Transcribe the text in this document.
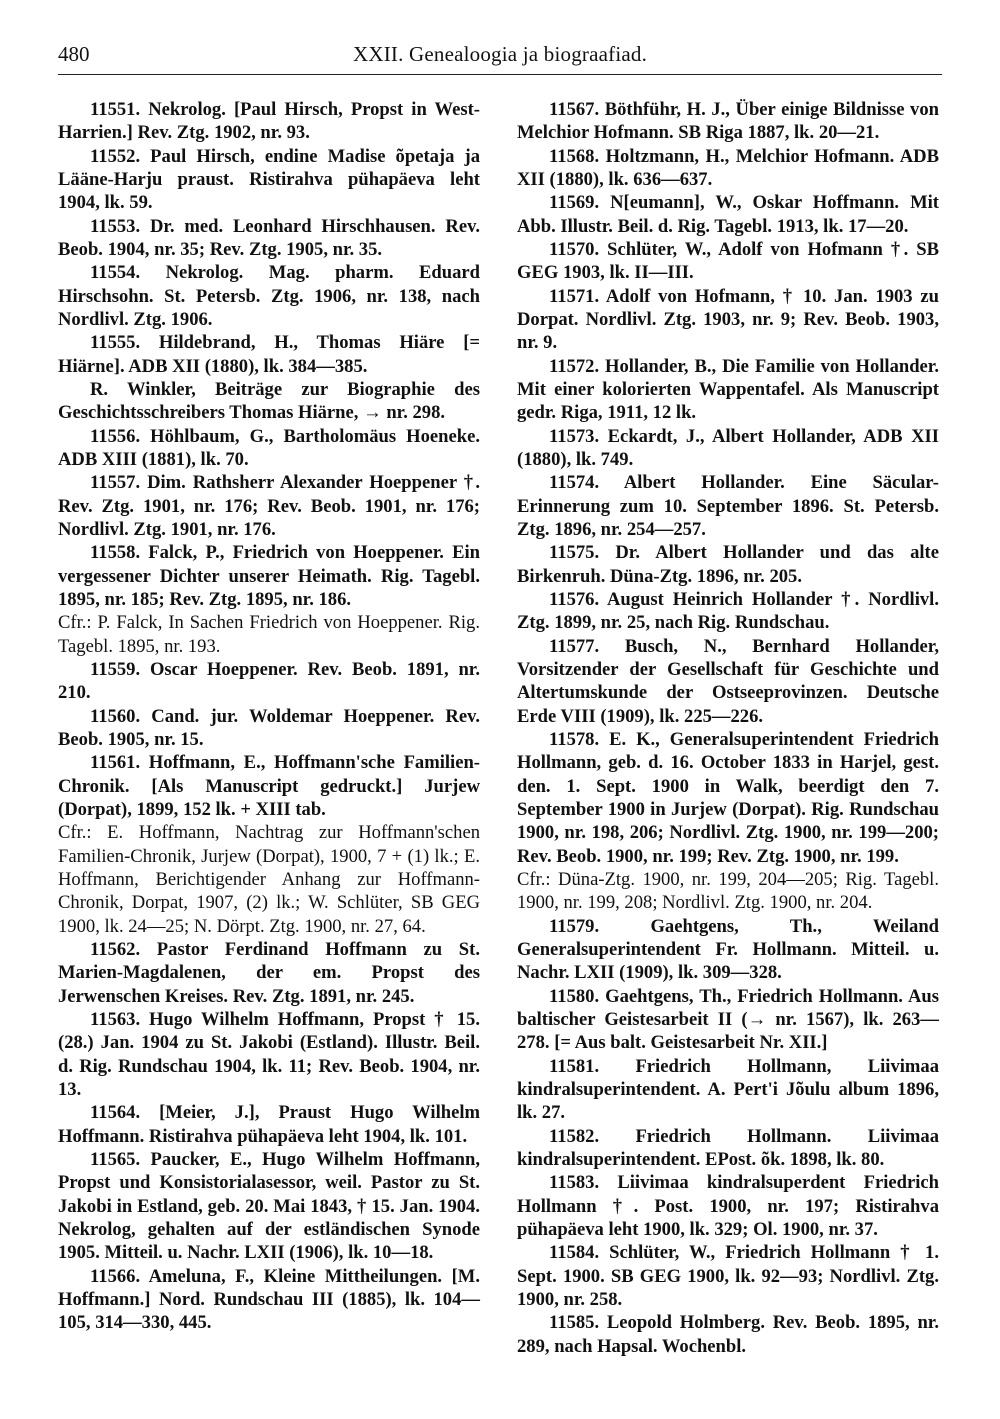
480	XXII. Genealoogia ja biograafiad.

11551. Nekrolog. [Paul Hirsch, Propst in West-Harrien.] Rev. Ztg. 1902, nr. 93.

11552. Paul Hirsch, endine Madise õpetaja ja Lääne-Harju praust. Ristirahva pühapäeva leht 1904, lk. 59.

11553. Dr. med. Leonhard Hirschhausen. Rev. Beob. 1904, nr. 35; Rev. Ztg. 1905, nr. 35.

11554. Nekrolog. Mag. pharm. Eduard Hirschsohn. St. Petersb. Ztg. 1906, nr. 138, nach Nordlivl. Ztg. 1906.

11555. Hildebrand, H., Thomas Hiäre [= Hiärne]. ADB XII (1880), lk. 384—385.

R. Winkler, Beiträge zur Biographie des Geschichtsschreibers Thomas Hiärne, → nr. 298.

11556. Höhlbaum, G., Bartholomäus Hoeneke. ADB XIII (1881), lk. 70.

11557. Dim. Rathsherr Alexander Hoeppener †. Rev. Ztg. 1901, nr. 176; Rev. Beob. 1901, nr. 176; Nordlivl. Ztg. 1901, nr. 176.

11558. Falck, P., Friedrich von Hoeppener. Ein vergessener Dichter unserer Heimath. Rig. Tagebl. 1895, nr. 185; Rev. Ztg. 1895, nr. 186.

Cfr.: P. Falck, In Sachen Friedrich von Hoeppener. Rig. Tagebl. 1895, nr. 193.

11559. Oscar Hoeppener. Rev. Beob. 1891, nr. 210.

11560. Cand. jur. Woldemar Hoeppener. Rev. Beob. 1905, nr. 15.

11561. Hoffmann, E., Hoffmann'sche Familien-Chronik. [Als Manuscript gedruckt.] Jurjew (Dorpat), 1899, 152 lk. + XIII tab.

Cfr.: E. Hoffmann, Nachtrag zur Hoffmann'schen Familien-Chronik, Jurjew (Dorpat), 1900, 7 + (1) lk.; E. Hoffmann, Berichtigender Anhang zur Hoffmann-Chronik, Dorpat, 1907, (2) lk.; W. Schlüter, SB GEG 1900, lk. 24—25; N. Dörpt. Ztg. 1900, nr. 27, 64.

11562. Pastor Ferdinand Hoffmann zu St. Marien-Magdalenen, der em. Propst des Jerwenschen Kreises. Rev. Ztg. 1891, nr. 245.

11563. Hugo Wilhelm Hoffmann, Propst † 15. (28.) Jan. 1904 zu St. Jakobi (Estland). Illustr. Beil. d. Rig. Rundschau 1904, lk. 11; Rev. Beob. 1904, nr. 13.

11564. [Meier, J.], Praust Hugo Wilhelm Hoffmann. Ristirahva pühapäeva leht 1904, lk. 101.

11565. Paucker, E., Hugo Wilhelm Hoffmann, Propst und Konsistorialasessor, weil. Pastor zu St. Jakobi in Estland, geb. 20. Mai 1843, † 15. Jan. 1904. Nekrolog, gehalten auf der estländischen Synode 1905. Mitteil. u. Nachr. LXII (1906), lk. 10—18.

11566. Ameluna, F., Kleine Mittheilungen. [M. Hoffmann.] Nord. Rundschau III (1885), lk. 104—105, 314—330, 445.

11567. Böthführ, H. J., Über einige Bildnisse von Melchior Hofmann. SB Riga 1887, lk. 20—21.

11568. Holtzmann, H., Melchior Hofmann. ADB XII (1880), lk. 636—637.

11569. N[eumann], W., Oskar Hoffmann. Mit Abb. Illustr. Beil. d. Rig. Tagebl. 1913, lk. 17—20.

11570. Schlüter, W., Adolf von Hofmann †. SB GEG 1903, lk. II—III.

11571. Adolf von Hofmann, † 10. Jan. 1903 zu Dorpat. Nordlivl. Ztg. 1903, nr. 9; Rev. Beob. 1903, nr. 9.

11572. Hollander, B., Die Familie von Hollander. Mit einer kolorierten Wappentafel. Als Manuscript gedr. Riga, 1911, 12 lk.

11573. Eckardt, J., Albert Hollander, ADB XII (1880), lk. 749.

11574. Albert Hollander. Eine Säcular-Erinnerung zum 10. September 1896. St. Petersb. Ztg. 1896, nr. 254—257.

11575. Dr. Albert Hollander und das alte Birkenruh. Düna-Ztg. 1896, nr. 205.

11576. August Heinrich Hollander †. Nordlivl. Ztg. 1899, nr. 25, nach Rig. Rundschau.

11577. Busch, N., Bernhard Hollander, Vorsitzender der Gesellschaft für Geschichte und Altertumskunde der Ostseeprovinzen. Deutsche Erde VIII (1909), lk. 225—226.

11578. E. K., Generalsuperintendent Friedrich Hollmann, geb. d. 16. October 1833 in Harjel, gest. den. 1. Sept. 1900 in Walk, beerdigt den 7. September 1900 in Jurjew (Dorpat). Rig. Rundschau 1900, nr. 198, 206; Nordlivl. Ztg. 1900, nr. 199—200; Rev. Beob. 1900, nr. 199; Rev. Ztg. 1900, nr. 199.

Cfr.: Düna-Ztg. 1900, nr. 199, 204—205; Rig. Tagebl. 1900, nr. 199, 208; Nordlivl. Ztg. 1900, nr. 204.

11579. Gaehtgens, Th., Weiland Generalsuperintendent Fr. Hollmann. Mitteil. u. Nachr. LXII (1909), lk. 309—328.

11580. Gaehtgens, Th., Friedrich Hollmann. Aus baltischer Geistesarbeit II (→ nr. 1567), lk. 263—278. [= Aus balt. Geistesarbeit Nr. XII.]

11581. Friedrich Hollmann, Liivimaa kindralsuperintendent. A. Pert'i Jõulu album 1896, lk. 27.

11582. Friedrich Hollmann. Liivimaa kindralsuperintendent. EPost. õk. 1898, lk. 80.

11583. Liivimaa kindralsuperdent Friedrich Hollmann †. Post. 1900, nr. 197; Ristirahva pühapäeva leht 1900, lk. 329; Ol. 1900, nr. 37.

11584. Schlüter, W., Friedrich Hollmann † 1. Sept. 1900. SB GEG 1900, lk. 92—93; Nordlivl. Ztg. 1900, nr. 258.

11585. Leopold Holmberg. Rev. Beob. 1895, nr. 289, nach Hapsal. Wochenbl.
